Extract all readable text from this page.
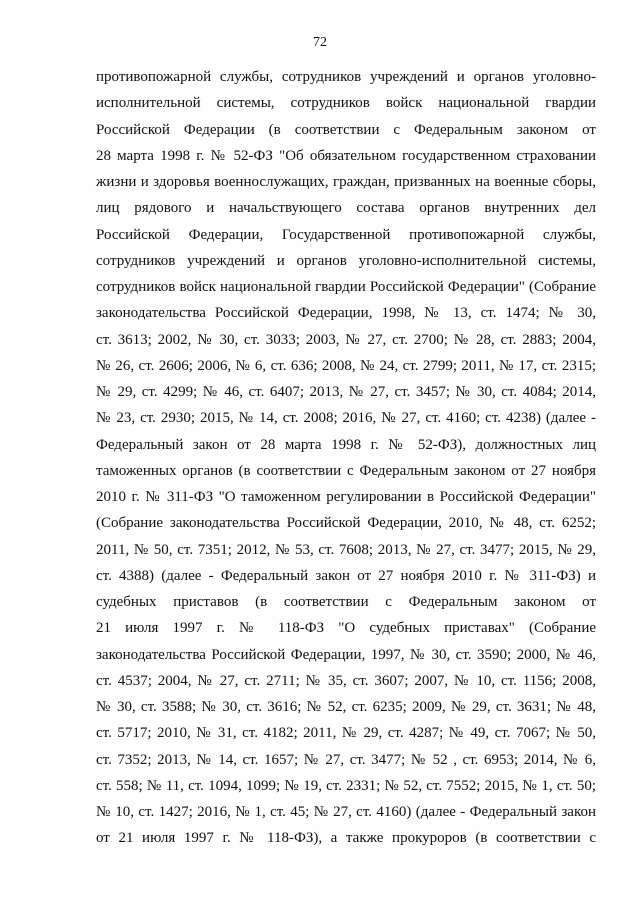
72
противопожарной службы, сотрудников учреждений и органов уголовно-
исполнительной системы, сотрудников войск национальной гвардии
Российской Федерации (в соответствии с Федеральным законом от
28 марта 1998 г. № 52-ФЗ "Об обязательном государственном страховании
жизни и здоровья военнослужащих, граждан, призванных на военные сборы,
лиц рядового и начальствующего состава органов внутренних дел
Российской Федерации, Государственной противопожарной службы,
сотрудников учреждений и органов уголовно-исполнительной системы,
сотрудников войск национальной гвардии Российской Федерации" (Собрание
законодательства Российской Федерации, 1998, № 13, ст. 1474; № 30,
ст. 3613; 2002, № 30, ст. 3033; 2003, № 27, ст. 2700; № 28, ст. 2883; 2004,
№ 26, ст. 2606; 2006, № 6, ст. 636; 2008, № 24, ст. 2799; 2011, № 17, ст. 2315;
№ 29, ст. 4299; № 46, ст. 6407; 2013, № 27, ст. 3457; № 30, ст. 4084; 2014,
№ 23, ст. 2930; 2015, № 14, ст. 2008; 2016, № 27, ст. 4160; ст. 4238) (далее -
Федеральный закон от 28 марта 1998 г. № 52-ФЗ), должностных лиц
таможенных органов (в соответствии с Федеральным законом от 27 ноября
2010 г. № 311-ФЗ "О таможенном регулировании в Российской Федерации"
(Собрание законодательства Российской Федерации, 2010, № 48, ст. 6252;
2011, № 50, ст. 7351; 2012, № 53, ст. 7608; 2013, № 27, ст. 3477; 2015, № 29,
ст. 4388) (далее - Федеральный закон от 27 ноября 2010 г. № 311-ФЗ) и
судебных приставов (в соответствии с Федеральным законом от
21 июля 1997 г. № 118-ФЗ "О судебных приставах" (Собрание
законодательства Российской Федерации, 1997, № 30, ст. 3590; 2000, № 46,
ст. 4537; 2004, № 27, ст. 2711; № 35, ст. 3607; 2007, № 10, ст. 1156; 2008,
№ 30, ст. 3588; № 30, ст. 3616; № 52, ст. 6235; 2009, № 29, ст. 3631; № 48,
ст. 5717; 2010, № 31, ст. 4182; 2011, № 29, ст. 4287; № 49, ст. 7067; № 50,
ст. 7352; 2013, № 14, ст. 1657; № 27, ст. 3477; № 52 , ст. 6953; 2014, № 6,
ст. 558; № 11, ст. 1094, 1099; № 19, ст. 2331; № 52, ст. 7552; 2015, № 1, ст. 50;
№ 10, ст. 1427; 2016, № 1, ст. 45; № 27, ст. 4160) (далее - Федеральный закон
от 21 июля 1997 г. № 118-ФЗ), а также прокуроров (в соответствии с
